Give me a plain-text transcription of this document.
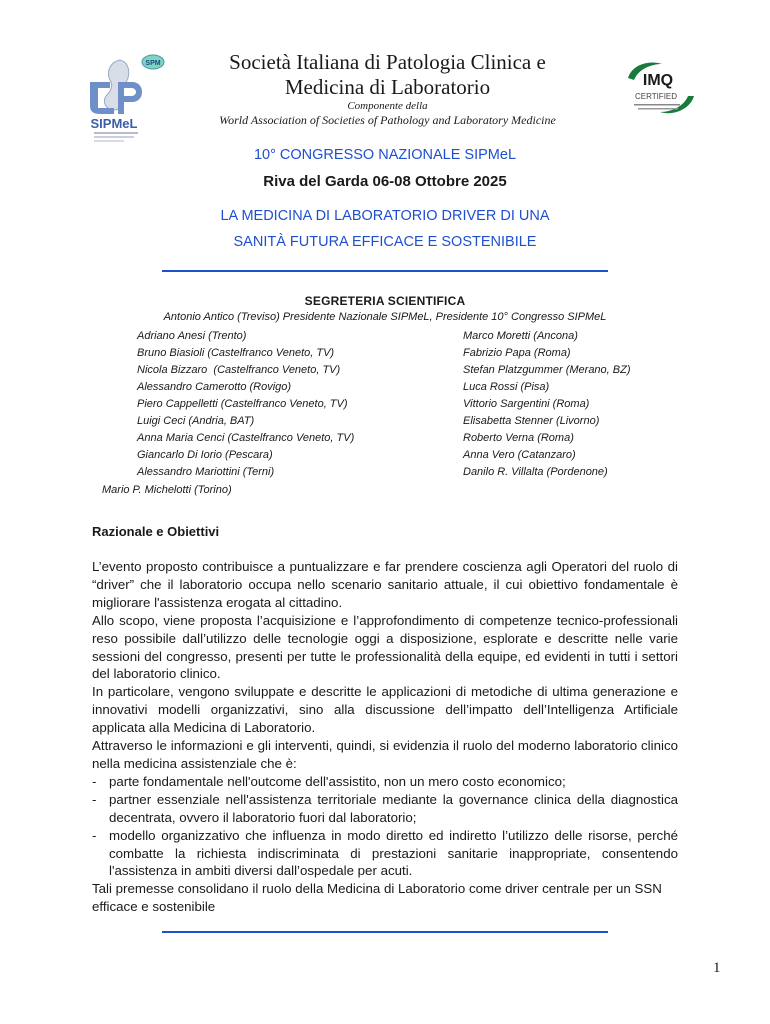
SPM
SIPMeL
IMQ
CERTIFIED
Società Italiana di Patologia Clinica e Medicina di Laboratorio
Componente della
World Association of Societies of Pathology and Laboratory Medicine
10° CONGRESSO NAZIONALE SIPMeL
Riva del Garda 06-08 Ottobre 2025
LA MEDICINA DI LABORATORIO DRIVER DI UNA
SANITÀ FUTURA EFFICACE E SOSTENIBILE
SEGRETERIA SCIENTIFICA
Antonio Antico (Treviso) Presidente Nazionale SIPMeL, Presidente 10° Congresso SIPMeL
Adriano Anesi (Trento)
Bruno Biasioli (Castelfranco Veneto, TV)
Nicola Bizzaro  (Castelfranco Veneto, TV)
Alessandro Camerotto (Rovigo)
Piero Cappelletti (Castelfranco Veneto, TV)
Luigi Ceci (Andria, BAT)
Anna Maria Cenci (Castelfranco Veneto, TV)
Giancarlo Di Iorio (Pescara)
Alessandro Mariottini (Terni)
Marco Moretti (Ancona)
Fabrizio Papa (Roma)
Stefan Platzgummer (Merano, BZ)
Luca Rossi (Pisa)
Vittorio Sargentini (Roma)
Elisabetta Stenner (Livorno)
Roberto Verna (Roma)
Anna Vero (Catanzaro)
Danilo R. Villalta (Pordenone)
Mario P. Michelotti (Torino)
Razionale e Obiettivi

L’evento proposto contribuisce a puntualizzare e far prendere coscienza agli Operatori del ruolo di “driver” che il laboratorio occupa nello scenario sanitario attuale, il cui obiettivo fondamentale è migliorare l'assistenza erogata al cittadino.

Allo scopo, viene proposta l’acquisizione e l’approfondimento di competenze tecnico-professionali reso possibile dall’utilizzo delle tecnologie oggi a disposizione, esplorate e descritte nelle varie sessioni del congresso, presenti per tutte le professionalità della equipe, ed evidenti in tutti i settori del laboratorio clinico.

In particolare, vengono sviluppate e descritte le applicazioni di metodiche di ultima generazione e innovativi modelli organizzativi, sino alla discussione dell’impatto dell’Intelligenza Artificiale applicata alla Medicina di Laboratorio.

Attraverso le informazioni e gli interventi, quindi, si evidenzia il ruolo del moderno laboratorio clinico nella medicina assistenziale che è:

- parte fondamentale nell'outcome dell'assistito, non un mero costo economico;
- partner essenziale nell'assistenza territoriale mediante la governance clinica della diagnostica decentrata, ovvero il laboratorio fuori dal laboratorio;
- modello organizzativo che influenza in modo diretto ed indiretto l’utilizzo delle risorse, perché combatte la richiesta indiscriminata di prestazioni sanitarie inappropriate, consentendo l'assistenza in ambiti diversi dall’ospedale per acuti.

Tali premesse consolidano il ruolo della Medicina di Laboratorio come driver centrale per un SSN efficace e sostenibile

1
